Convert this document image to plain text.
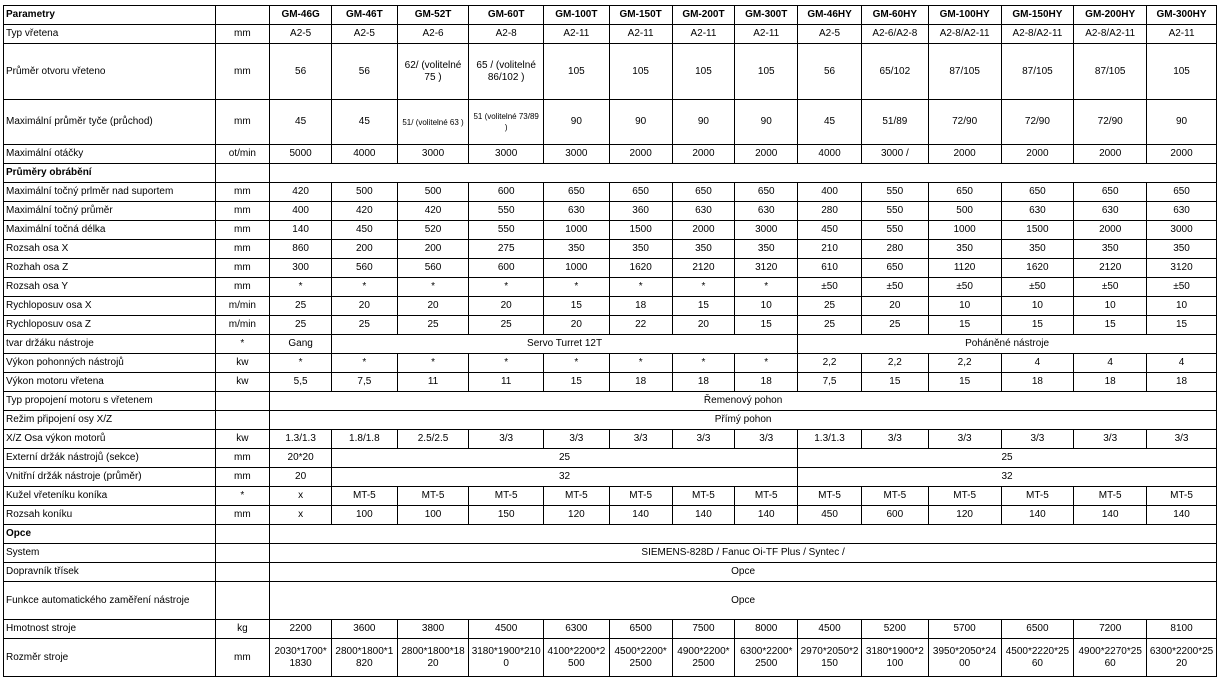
Parametry		GM-46G	GM-46T	GM-52T	GM-60T	GM-100T	GM-150T	GM-200T	GM-300T	GM-46HY	GM-60HY	GM-100HY	GM-150HY	GM-200HY	GM-300HY
Typ vřetena	mm	A2-5	A2-5	A2-6	A2-8	A2-11	A2-11	A2-11	A2-11	A2-5	A2-6/A2-8	A2-8/A2-11	A2-8/A2-11	A2-8/A2-11	A2-11
Průměr otvoru vřeteno	mm	56	56	62/ (volitelné 75 )	65 / (volitelné 86/102 )	105	105	105	105	56	65/102	87/105	87/105	87/105	105
Maximální průměr tyče (průchod)	mm	45	45	51/ (volitelné 63 )	51 (volitelné 73/89 )	90	90	90	90	45	51/89	72/90	72/90	72/90	90
Maximální otáčky	ot/min	5000	4000	3000	3000	3000	2000	2000	2000	4000	3000 /	2000	2000	2000	2000
Průměry obrábění															
Maximální točný prlměr nad suportem	mm	420	500	500	600	650	650	650	650	400	550	650	650	650	650
Maximální točný průměr	mm	400	420	420	550	630	360	630	630	280	550	500	630	630	630
Maximální točná délka	mm	140	450	520	550	1000	1500	2000	3000	450	550	1000	1500	2000	3000
Rozsah osa X	mm	860	200	200	275	350	350	350	350	210	280	350	350	350	350
Rozhah osa Z	mm	300	560	560	600	1000	1620	2120	3120	610	650	1120	1620	2120	3120
Rozsah osa Y	mm	*	*	*	*	*	*	*	*	±50	±50	±50	±50	±50	±50
Rychloposuv osa X	m/min	25	20	20	20	15	18	15	10	25	20	10	10	10	10
Rychloposuv osa Z	m/min	25	25	25	25	20	22	20	15	25	25	15	15	15	15
tvar držáku nástroje	*	Gang	Servo Turret 12T							Poháněné nástroje					
Výkon pohonných nástrojů	kw	*	*	*	*	*	*	*	*	2,2	2,2	2,2	4	4	4
Výkon motoru vřetena	kw	5,5	7,5	11	11	15	18	18	18	7,5	15	15	18	18	18
Typ propojení motoru s vřetenem		Řemenový pohon													
Režim připojení osy X/Z		Přímý pohon													
X/Z Osa výkon motorů	kw	1.3/1.3	1.8/1.8	2.5/2.5	3/3	3/3	3/3	3/3	3/3	1.3/1.3	3/3	3/3	3/3	3/3	3/3
Externí držák nástrojů (sekce)	mm	20*20	25							25					
Vnitřní držák nástroje (průměr)	mm	20	32							32					
Kužel vřeteníku koníka	*	x	MT-5	MT-5	MT-5	MT-5	MT-5	MT-5	MT-5	MT-5	MT-5	MT-5	MT-5	MT-5	MT-5
Rozsah koníku	mm	x	100	100	150	120	140	140	140	450	600	120	140	140	140
Opce															
System		SIEMENS-828D / Fanuc Oi-TF Plus / Syntec /													
Dopravník třísek		Opce													
Funkce automatického zaměření nástroje		Opce													
Hmotnost stroje	kg	2200	3600	3800	4500	6300	6500	7500	8000	4500	5200	5700	6500	7200	8100
Rozměr stroje	mm	2030*1700*1830	2800*1800*1820	2800*1800*1820	3180*1900*2100	4100*2200*2500	4500*2200*2500	4900*2200*2500	6300*2200*2500	2970*2050*2150	3180*1900*2100	3950*2050*2400	4500*2220*2560	4900*2270*2560	6300*2200*2520
